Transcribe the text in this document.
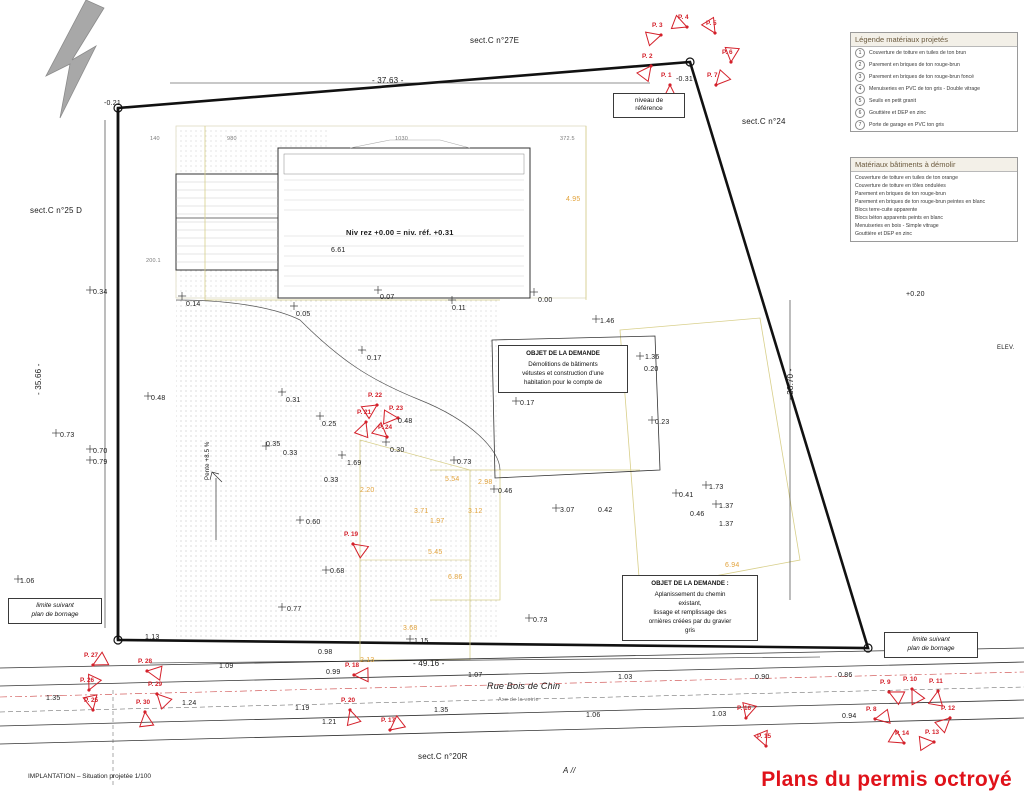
P. 1
P. 2
P. 3
P. 4
P. 5
P. 6
P. 7
P. 8
P. 9 P. 10 P. 11
P. 12
P. 13
P. 14
P. 15
P. 16
P. 17
P. 18
P. 19
P. 20
P. 21
P. 22
P. 23
P. 24
P. 25
P. 26
P. 27
P. 28
P. 29
P. 30
-0.21
-0.31
0.34
0.73
0.70
0.48
0.79
1.06
1.13
0.14
0.05
0.07
0.11
0.00
6.61
0.17
0.31
0.35
0.33
0.25
1.69
0.33
0.30
0.48
0.60
0.68
0.77
1.15
0.73
0.46
0.17
3.07	0.42
0.73
1.46
1.36
0.20
0.23
0.41
0.46
1.73
1.37
1.37
0.98
0.99
1.09
1.24
1.35
1.19
1.21
1.35
1.07
1.06
1.03
1.03
0.90	0.86
0.94
+0.20
2.20
3.71
1.97
5.54
3.12
2.98
5.45
6.86
2.13
3.68
6.94
4.95
140	980	1030	372.5
200.1
sect.C n°27E
sect.C n°24
sect.C n°25 D
sect.C n°20R
- 37.63 -
- 35.66 -	- 38.70 -
- 49.16 -
Rue Bois de Chin
Axe de la voirie
Pente +8.5 %
ELEV.
Niv rez +0.00 = niv. réf. +0.31
IMPLANTATION – Situation projetée 1/100
A //	Plans du permis octroyé
niveau de
référence
limite suivant
plan de bornage
limite suivant
plan de bornage
OBJET DE LA DEMANDE
Démolitions de bâtiments
vétustes et construction d'une
habitation pour le compte de
OBJET DE LA DEMANDE :
Aplanissement du chemin
existant,
lissage et remplissage des
ornières créées par du gravier
gris
Légende matériaux projetés
1	Couverture de toiture en tuiles de ton brun
2	Parement en briques de ton rouge-brun
3	Parement en briques de ton rouge-brun foncé
4	Menuiseries en PVC de ton gris - Double vitrage
5	Seuils en petit granit
6	Gouttière et DEP en zinc
7	Porte de garage en PVC ton gris
Matériaux bâtiments à démolir
Couverture de toiture en tuiles de ton orange
Couverture de toiture en tôles ondulées
Parement en briques de ton rouge-brun
Parement en briques de ton rouge-brun peintes en blanc
Blocs terre-cuite apparente
Blocs béton apparents peints en blanc
Menuiseries en bois - Simple vitrage
Gouttière et DEP en zinc
